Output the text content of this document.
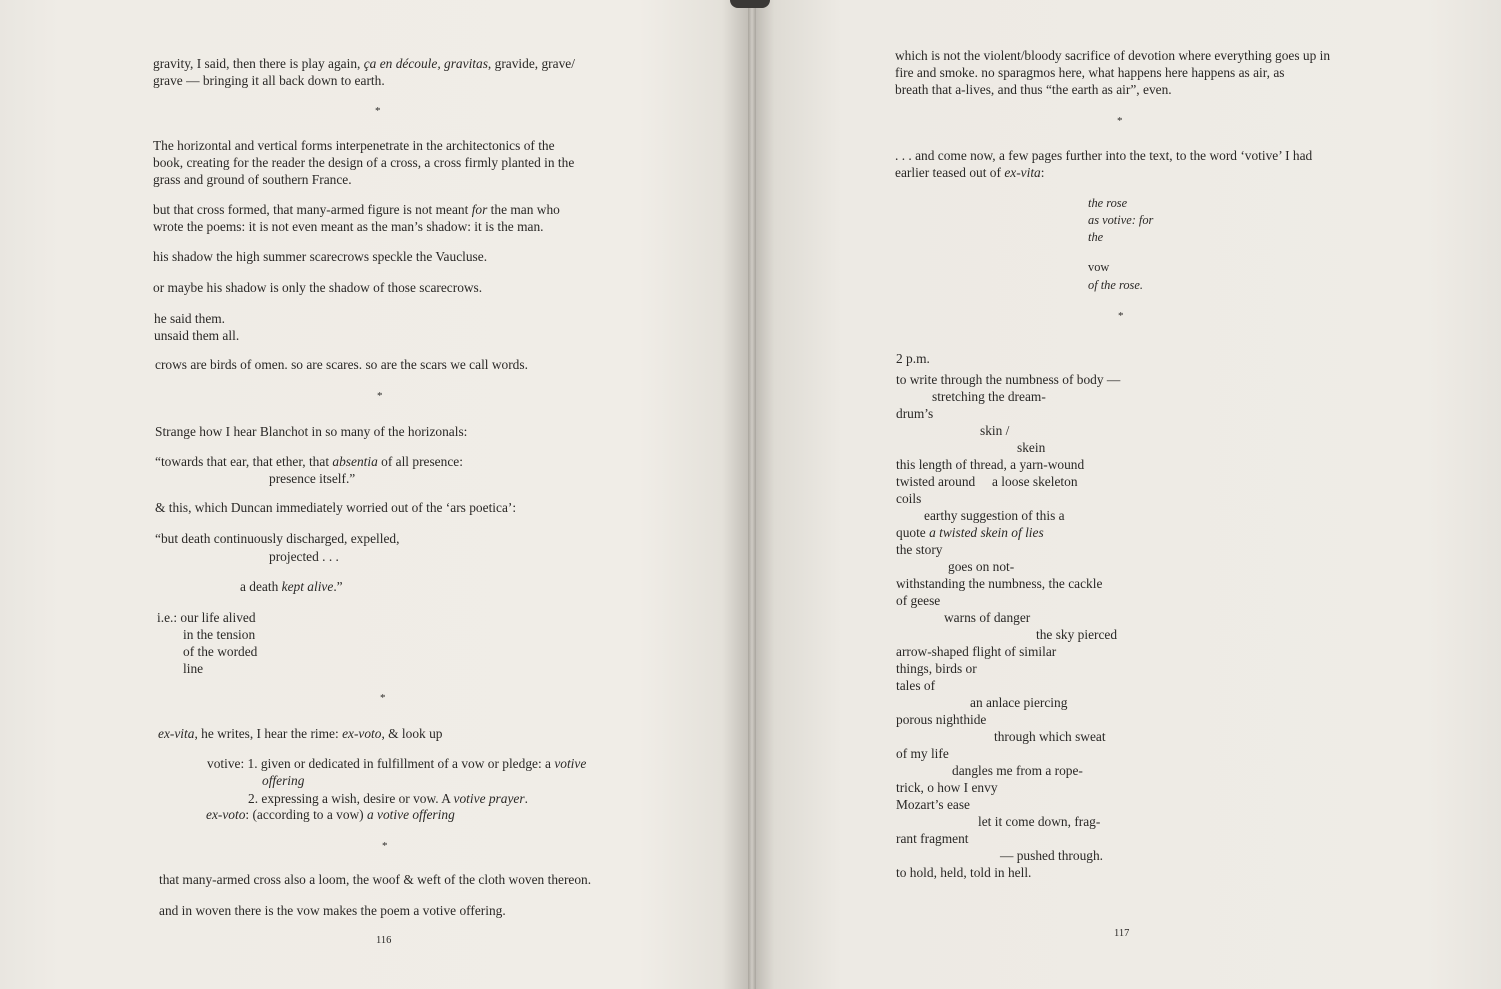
gravity, I said, then there is play again, ça en découle, gravitas, gravide, grave/
grave — bringing it all back down to earth.
*
The horizontal and vertical forms interpenetrate in the architectonics of the
book, creating for the reader the design of a cross, a cross firmly planted in the
grass and ground of southern France.
but that cross formed, that many-armed figure is not meant for the man who
wrote the poems: it is not even meant as the man’s shadow: it is the man.
his shadow the high summer scarecrows speckle the Vaucluse.
or maybe his shadow is only the shadow of those scarecrows.
he said them.
unsaid them all.
crows are birds of omen. so are scares. so are the scars we call words.
*
Strange how I hear Blanchot in so many of the horizonals:
“towards that ear, that ether, that absentia of all presence:
presence itself.”
& this, which Duncan immediately worried out of the ‘ars poetica’:
“but death continuously discharged, expelled,
projected . . .
a death kept alive.”
i.e.: our life alived
in the tension
of the worded
line
*
ex-vita, he writes, I hear the rime: ex-voto, & look up
votive: 1. given or dedicated in fulfillment of a vow or pledge: a votive
offering
2. expressing a wish, desire or vow. A votive prayer.
ex-voto: (according to a vow) a votive offering
*
that many-armed cross also a loom, the woof & weft of the cloth woven thereon.
and in woven there is the vow makes the poem a votive offering.
116
which is not the violent/bloody sacrifice of devotion where everything goes up in
fire and smoke. no sparagmos here, what happens here happens as air, as
breath that a-lives, and thus “the earth as air”, even.
*
. . . and come now, a few pages further into the text, to the word ‘votive’ I had
earlier teased out of ex-vita:
the rose
as votive: for
the
vow
of the rose.
*
2 p.m.
to write through the numbness of body —
stretching the dream-
drum’s
skin /
skein
this length of thread, a yarn-wound
twisted around a loose skeleton
coils
earthy suggestion of this a
quote a twisted skein of lies
the story
goes on not-
withstanding the numbness, the cackle
of geese
warns of danger
the sky pierced
arrow-shaped flight of similar
things, birds or
tales of
an anlace piercing
porous nighthide
through which sweat
of my life
dangles me from a rope-
trick, o how I envy
Mozart’s ease
let it come down, frag-
rant fragment
— pushed through.
to hold, held, told in hell.
117
